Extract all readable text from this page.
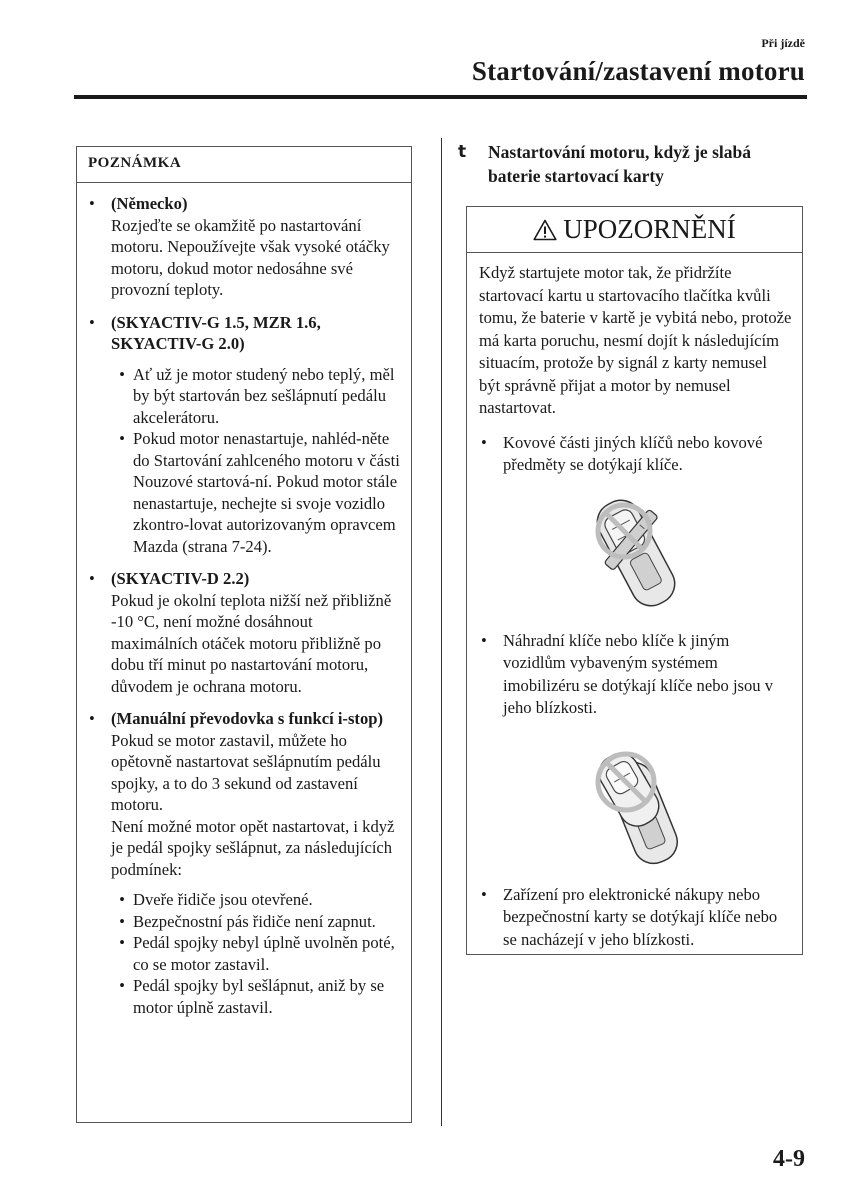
Při jízdě
Startování/zastavení motoru
POZNÁMKA
• (Německo)
Rozjeďte se okamžitě po nastartování motoru. Nepoužívejte však vysoké otáčky motoru, dokud motor nedosáhne své provozní teploty.
• (SKYACTIV-G 1.5, MZR 1.6, SKYACTIV-G 2.0)
• Ať už je motor studený nebo teplý, měl by být startován bez sešlápnutí pedálu akcelerátoru.
• Pokud motor nenastartuje, nahléd-něte do Startování zahlceného motoru v části Nouzové startová-ní. Pokud motor stále nenastartuje, nechejte si svoje vozidlo zkontro-lovat autorizovaným opravcem Mazda (strana 7-24).
• (SKYACTIV-D 2.2)
Pokud je okolní teplota nižší než přibližně -10 °C, není možné dosáhnout maximálních otáček motoru přibližně po dobu tří minut po nastartování motoru, důvodem je ochrana motoru.
• (Manuální převodovka s funkcí i-stop)
Pokud se motor zastavil, můžete ho opětovně nastartovat sešlápnutím pedálu spojky, a to do 3 sekund od zastavení motoru.
Není možné motor opět nastartovat, i když je pedál spojky sešlápnut, za následujících podmínek:
• Dveře řidiče jsou otevřené.
• Bezpečnostní pás řidiče není zapnut.
• Pedál spojky nebyl úplně uvolněn poté, co se motor zastavil.
• Pedál spojky byl sešlápnut, aniž by se motor úplně zastavil.
t	Nastartování motoru, když je slabá baterie startovací karty
UPOZORNĚNÍ

Když startujete motor tak, že přidržíte startovací kartu u startovacího tlačítka kvůli tomu, že baterie v kartě je vybitá nebo, protože má karta poruchu, nesmí dojít k následujícím situacím, protože by signál z karty nemusel být správně přijat a motor by nemusel nastartovat.

• Kovové části jiných klíčů nebo kovové předměty se dotýkají klíče.
• Náhradní klíče nebo klíče k jiným vozidlům vybaveným systémem imobilizéru se dotýkají klíče nebo jsou v jeho blízkosti.
• Zařízení pro elektronické nákupy nebo bezpečnostní karty se dotýkají klíče nebo se nacházejí v jeho blízkosti.
4-9
